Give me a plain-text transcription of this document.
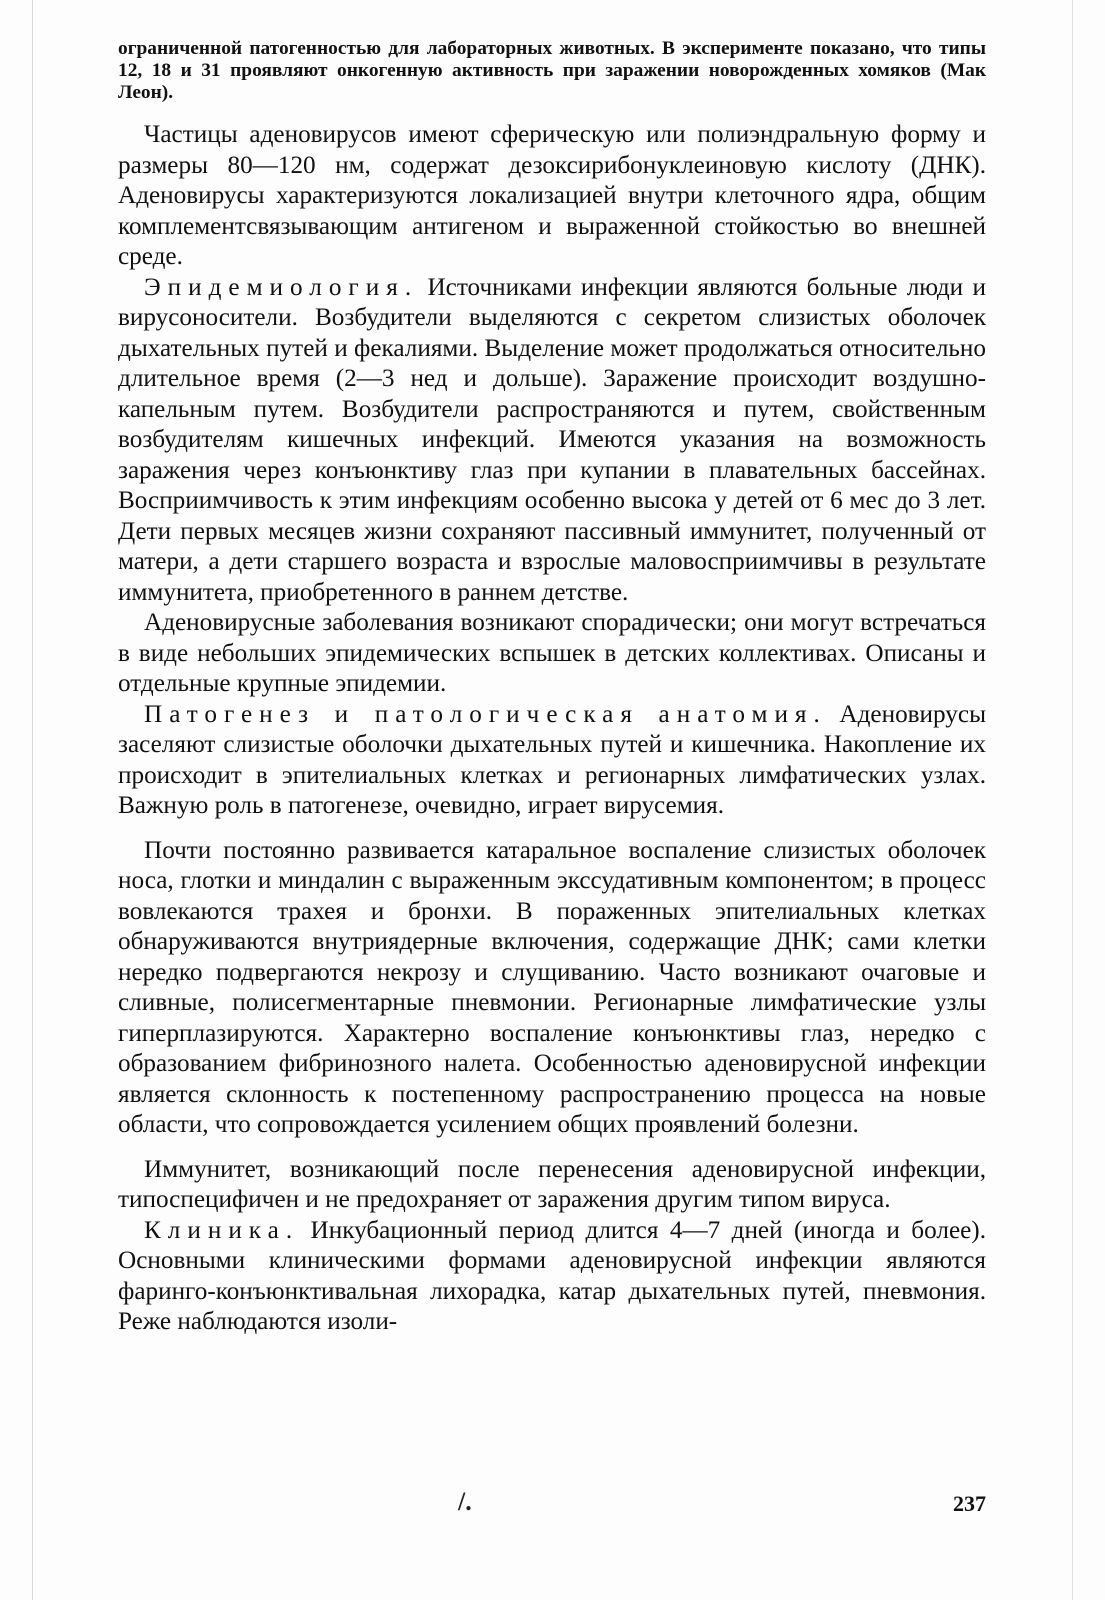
ограниченной патогенностью для лабораторных животных. В эксперименте показано, что типы 12, 18 и 31 проявляют онкогенную активность при заражении новорожденных хомяков (Мак Леон).

Частицы аденовирусов имеют сферическую или полиэндральную форму и размеры 80—120 нм, содержат дезоксирибонуклеиновую кислоту (ДНК). Аденовирусы характеризуются локализацией внутри клеточного ядра, общим комплементсвязывающим антигеном и выраженной стойкостью во внешней среде.

Эпидемиология. Источниками инфекции являются больные люди и вирусоносители. Возбудители выделяются с секретом слизистых оболочек дыхательных путей и фекалиями. Выделение может продолжаться относительно длительное время (2—3 нед и дольше). Заражение происходит воздушно-капельным путем. Возбудители распространяются и путем, свойственным возбудителям кишечных инфекций. Имеются указания на возможность заражения через конъюнктиву глаз при купании в плавательных бассейнах. Восприимчивость к этим инфекциям особенно высока у детей от 6 мес до 3 лет. Дети первых месяцев жизни сохраняют пассивный иммунитет, полученный от матери, а дети старшего возраста и взрослые маловосприимчивы в результате иммунитета, приобретенного в раннем детстве.

Аденовирусные заболевания возникают спорадически; они могут встречаться в виде небольших эпидемических вспышек в детских коллективах. Описаны и отдельные крупные эпидемии.

Патогенез и патологическая анатомия. Аденовирусы заселяют слизистые оболочки дыхательных путей и кишечника. Накопление их происходит в эпителиальных клетках и регионарных лимфатических узлах. Важную роль в патогенезе, очевидно, играет вирусемия.

Почти постоянно развивается катаральное воспаление слизистых оболочек носа, глотки и миндалин с выраженным экссудативным компонентом; в процесс вовлекаются трахея и бронхи. В пораженных эпителиальных клетках обнаруживаются внутриядерные включения, содержащие ДНК; сами клетки нередко подвергаются некрозу и слущиванию. Часто возникают очаговые и сливные, полисегментарные пневмонии. Регионарные лимфатические узлы гиперплазируются. Характерно воспаление конъюнктивы глаз, нередко с образованием фибринозного налета. Особенностью аденовирусной инфекции является склонность к постепенному распространению процесса на новые области, что сопровождается усилением общих проявлений болезни.

Иммунитет, возникающий после перенесения аденовирусной инфекции, типоспецифичен и не предохраняет от заражения другим типом вируса.

Клиника. Инкубационный период длится 4—7 дней (иногда и более). Основными клиническими формами аденовирусной инфекции являются фаринго-конъюнктивальная лихорадка, катар дыхательных путей, пневмония. Реже наблюдаются изоли-

/.	237
